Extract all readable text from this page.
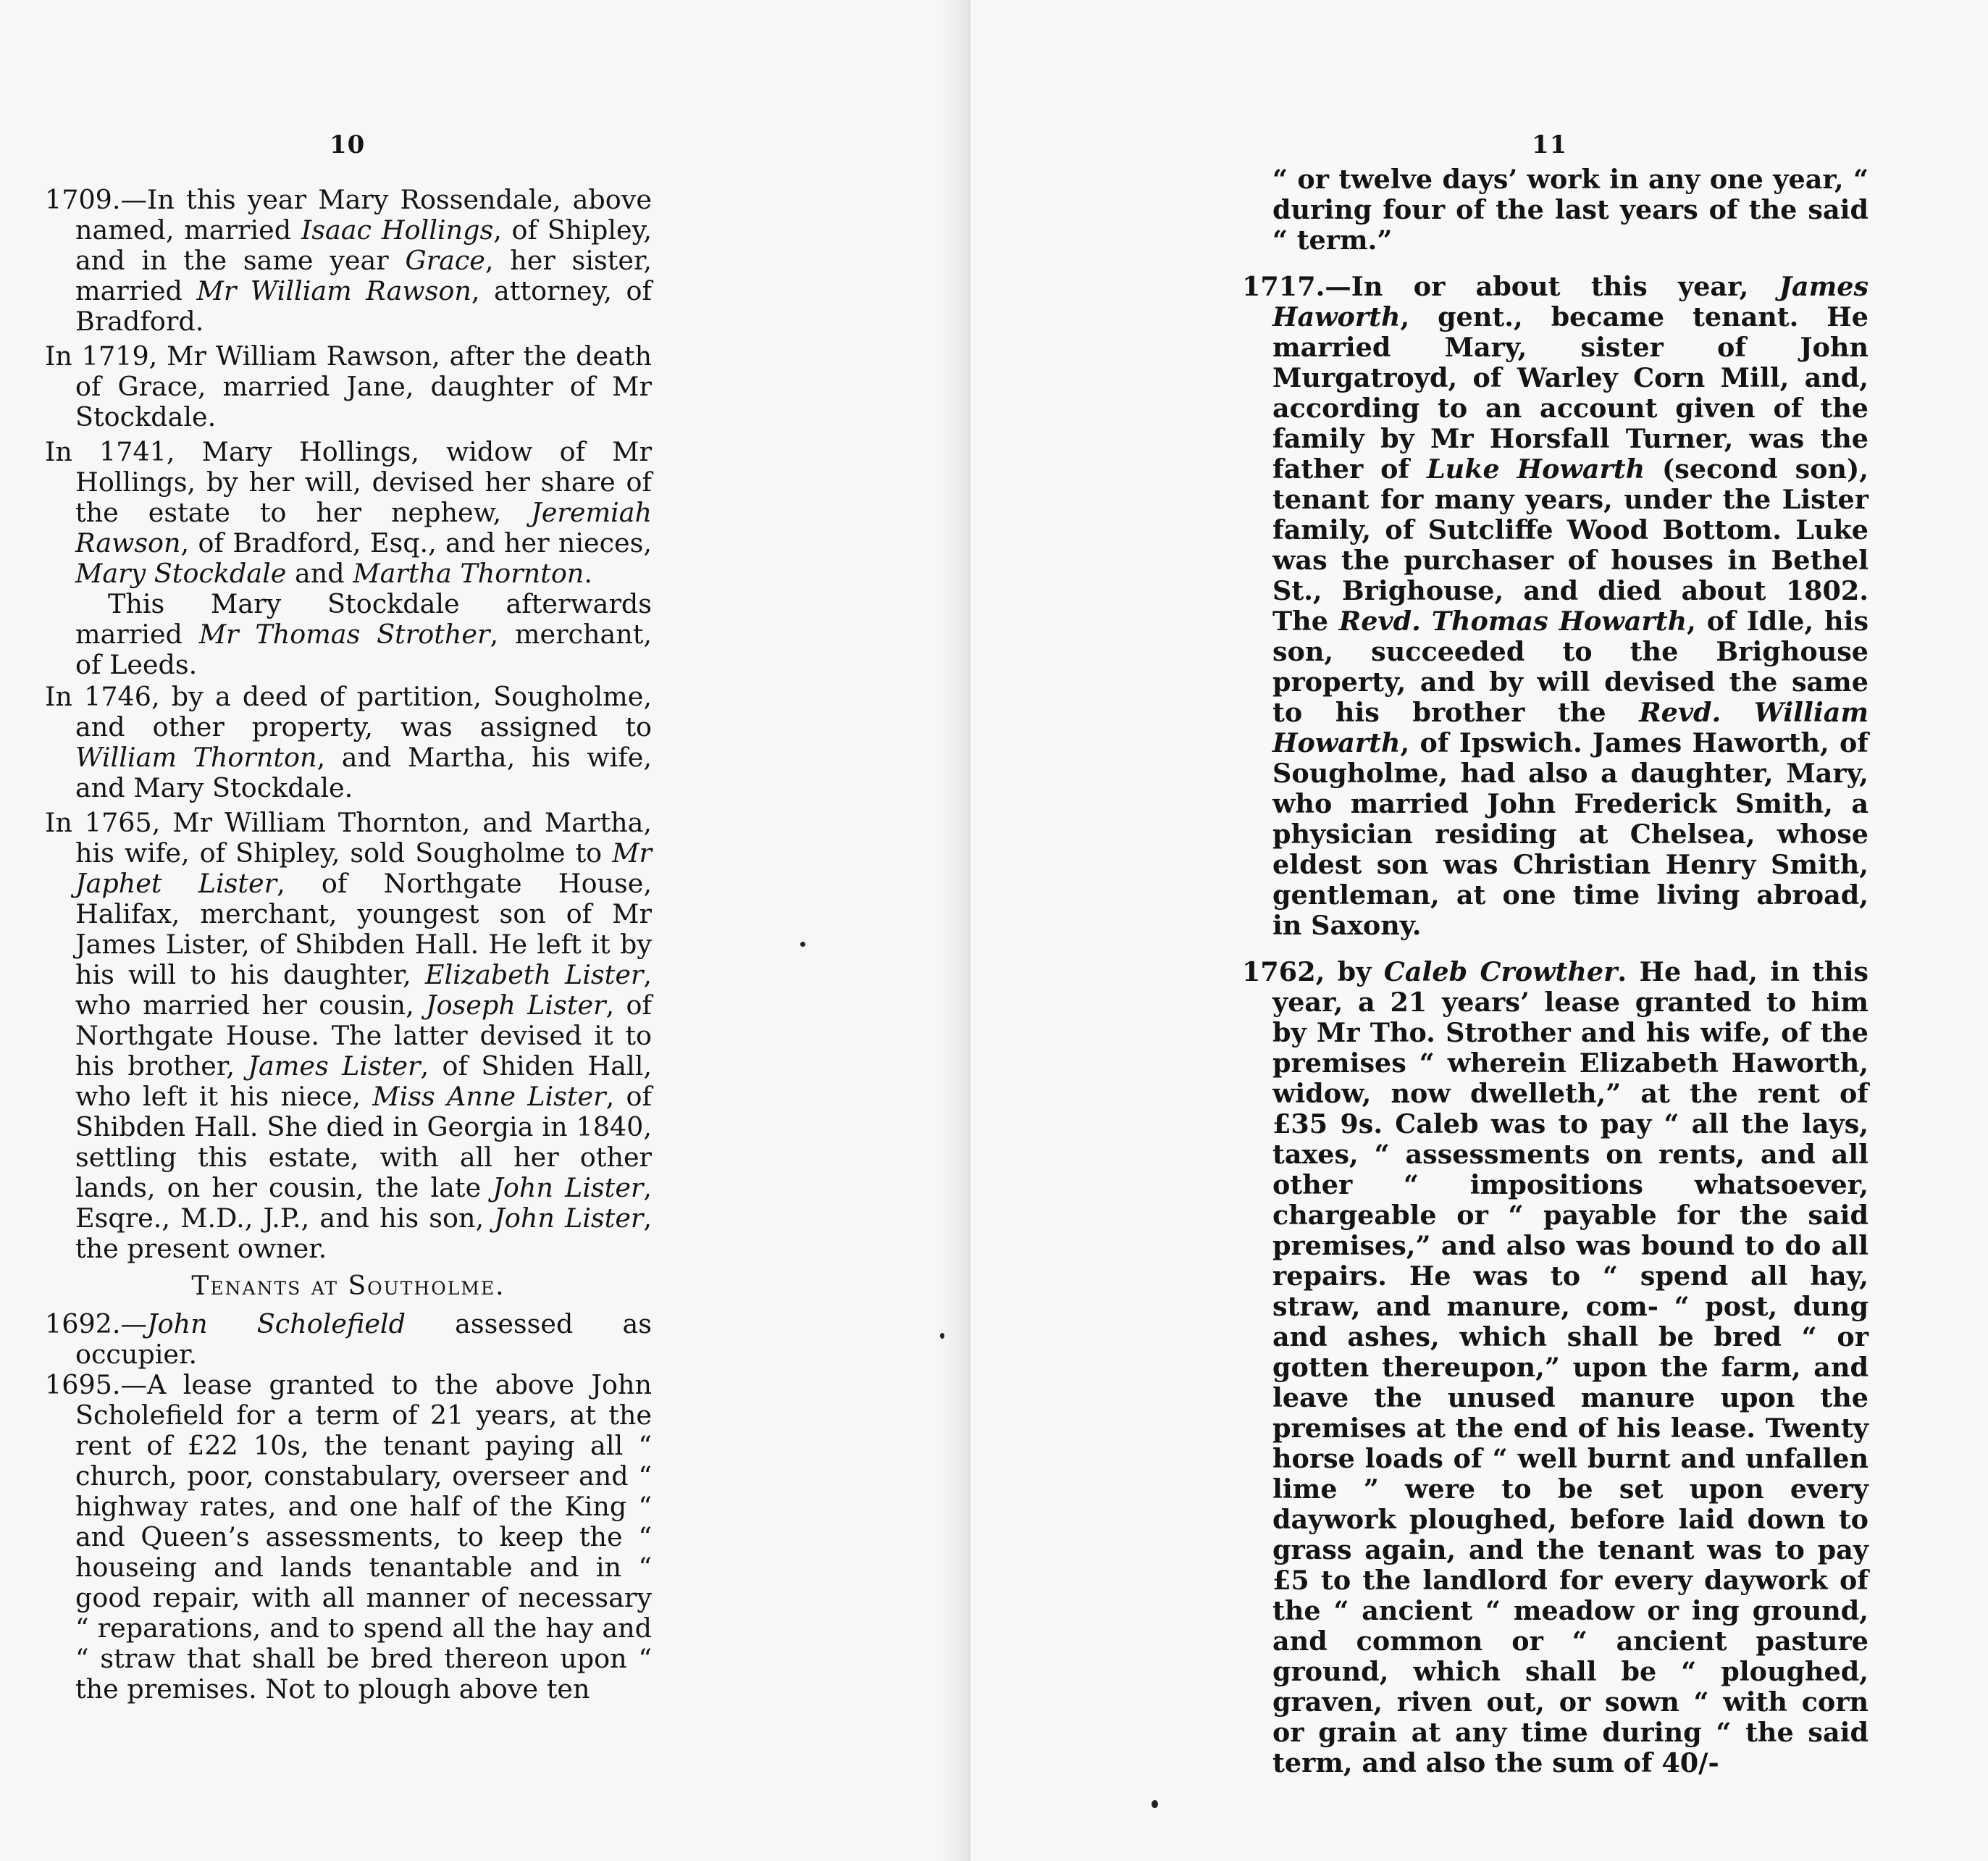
10

1709.—In this year Mary Rossendale, above named, married Isaac Hollings, of Shipley, and in the same year Grace, her sister, married Mr William Rawson, attorney, of Bradford.

In 1719, Mr William Rawson, after the death of Grace, married Jane, daughter of Mr Stockdale.

In 1741, Mary Hollings, widow of Mr Hollings, by her will, devised her share of the estate to her nephew, Jeremiah Rawson, of Bradford, Esq., and her nieces, Mary Stockdale and Martha Thornton.

This Mary Stockdale afterwards married Mr Thomas Strother, merchant, of Leeds.

In 1746, by a deed of partition, Sougholme, and other property, was assigned to William Thornton, and Martha, his wife, and Mary Stockdale.

In 1765, Mr William Thornton, and Martha, his wife, of Shipley, sold Sougholme to Mr Japhet Lister, of Northgate House, Halifax, merchant, youngest son of Mr James Lister, of Shibden Hall. He left it by his will to his daughter, Elizabeth Lister, who married her cousin, Joseph Lister, of Northgate House. The latter devised it to his brother, James Lister, of Shiden Hall, who left it his niece, Miss Anne Lister, of Shibden Hall. She died in Georgia in 1840, settling this estate, with all her other lands, on her cousin, the late John Lister, Esqre., M.D., J.P., and his son, John Lister, the present owner.

Tenants at Southolme.

1692.—John Scholefield assessed as occupier.

1695.—A lease granted to the above John Scholefield for a term of 21 years, at the rent of £22 10s, the tenant paying all “ church, poor, constabulary, overseer and “ highway rates, and one half of the King “ and Queen’s assessments, to keep the “ houseing and lands tenantable and in “ good repair, with all manner of necessary “ reparations, and to spend all the hay and “ straw that shall be bred thereon upon “ the premises. Not to plough above ten

11

“ or twelve days’ work in any one year, “ during four of the last years of the said “ term.”

1717.—In or about this year, James Haworth, gent., became tenant. He married Mary, sister of John Murgatroyd, of Warley Corn Mill, and, according to an account given of the family by Mr Horsfall Turner, was the father of Luke Howarth (second son), tenant for many years, under the Lister family, of Sutcliffe Wood Bottom. Luke was the purchaser of houses in Bethel St., Brighouse, and died about 1802. The Revd. Thomas Howarth, of Idle, his son, succeeded to the Brighouse property, and by will devised the same to his brother the Revd. William Howarth, of Ipswich. James Haworth, of Sougholme, had also a daughter, Mary, who married John Frederick Smith, a physician residing at Chelsea, whose eldest son was Christian Henry Smith, gentleman, at one time living abroad, in Saxony.

1762, by Caleb Crowther. He had, in this year, a 21 years’ lease granted to him by Mr Tho. Strother and his wife, of the premises “ wherein Elizabeth Haworth, widow, now dwelleth,” at the rent of £35 9s. Caleb was to pay “ all the lays, taxes, “ assessments on rents, and all other “ impositions whatsoever, chargeable or “ payable for the said premises,” and also was bound to do all repairs. He was to “ spend all hay, straw, and manure, com- “ post, dung and ashes, which shall be bred “ or gotten thereupon,” upon the farm, and leave the unused manure upon the premises at the end of his lease. Twenty horse loads of “ well burnt and unfallen lime ” were to be set upon every daywork ploughed, before laid down to grass again, and the tenant was to pay £5 to the landlord for every daywork of the “ ancient “ meadow or ing ground, and common or “ ancient pasture ground, which shall be “ ploughed, graven, riven out, or sown “ with corn or grain at any time during “ the said term, and also the sum of 40/-
